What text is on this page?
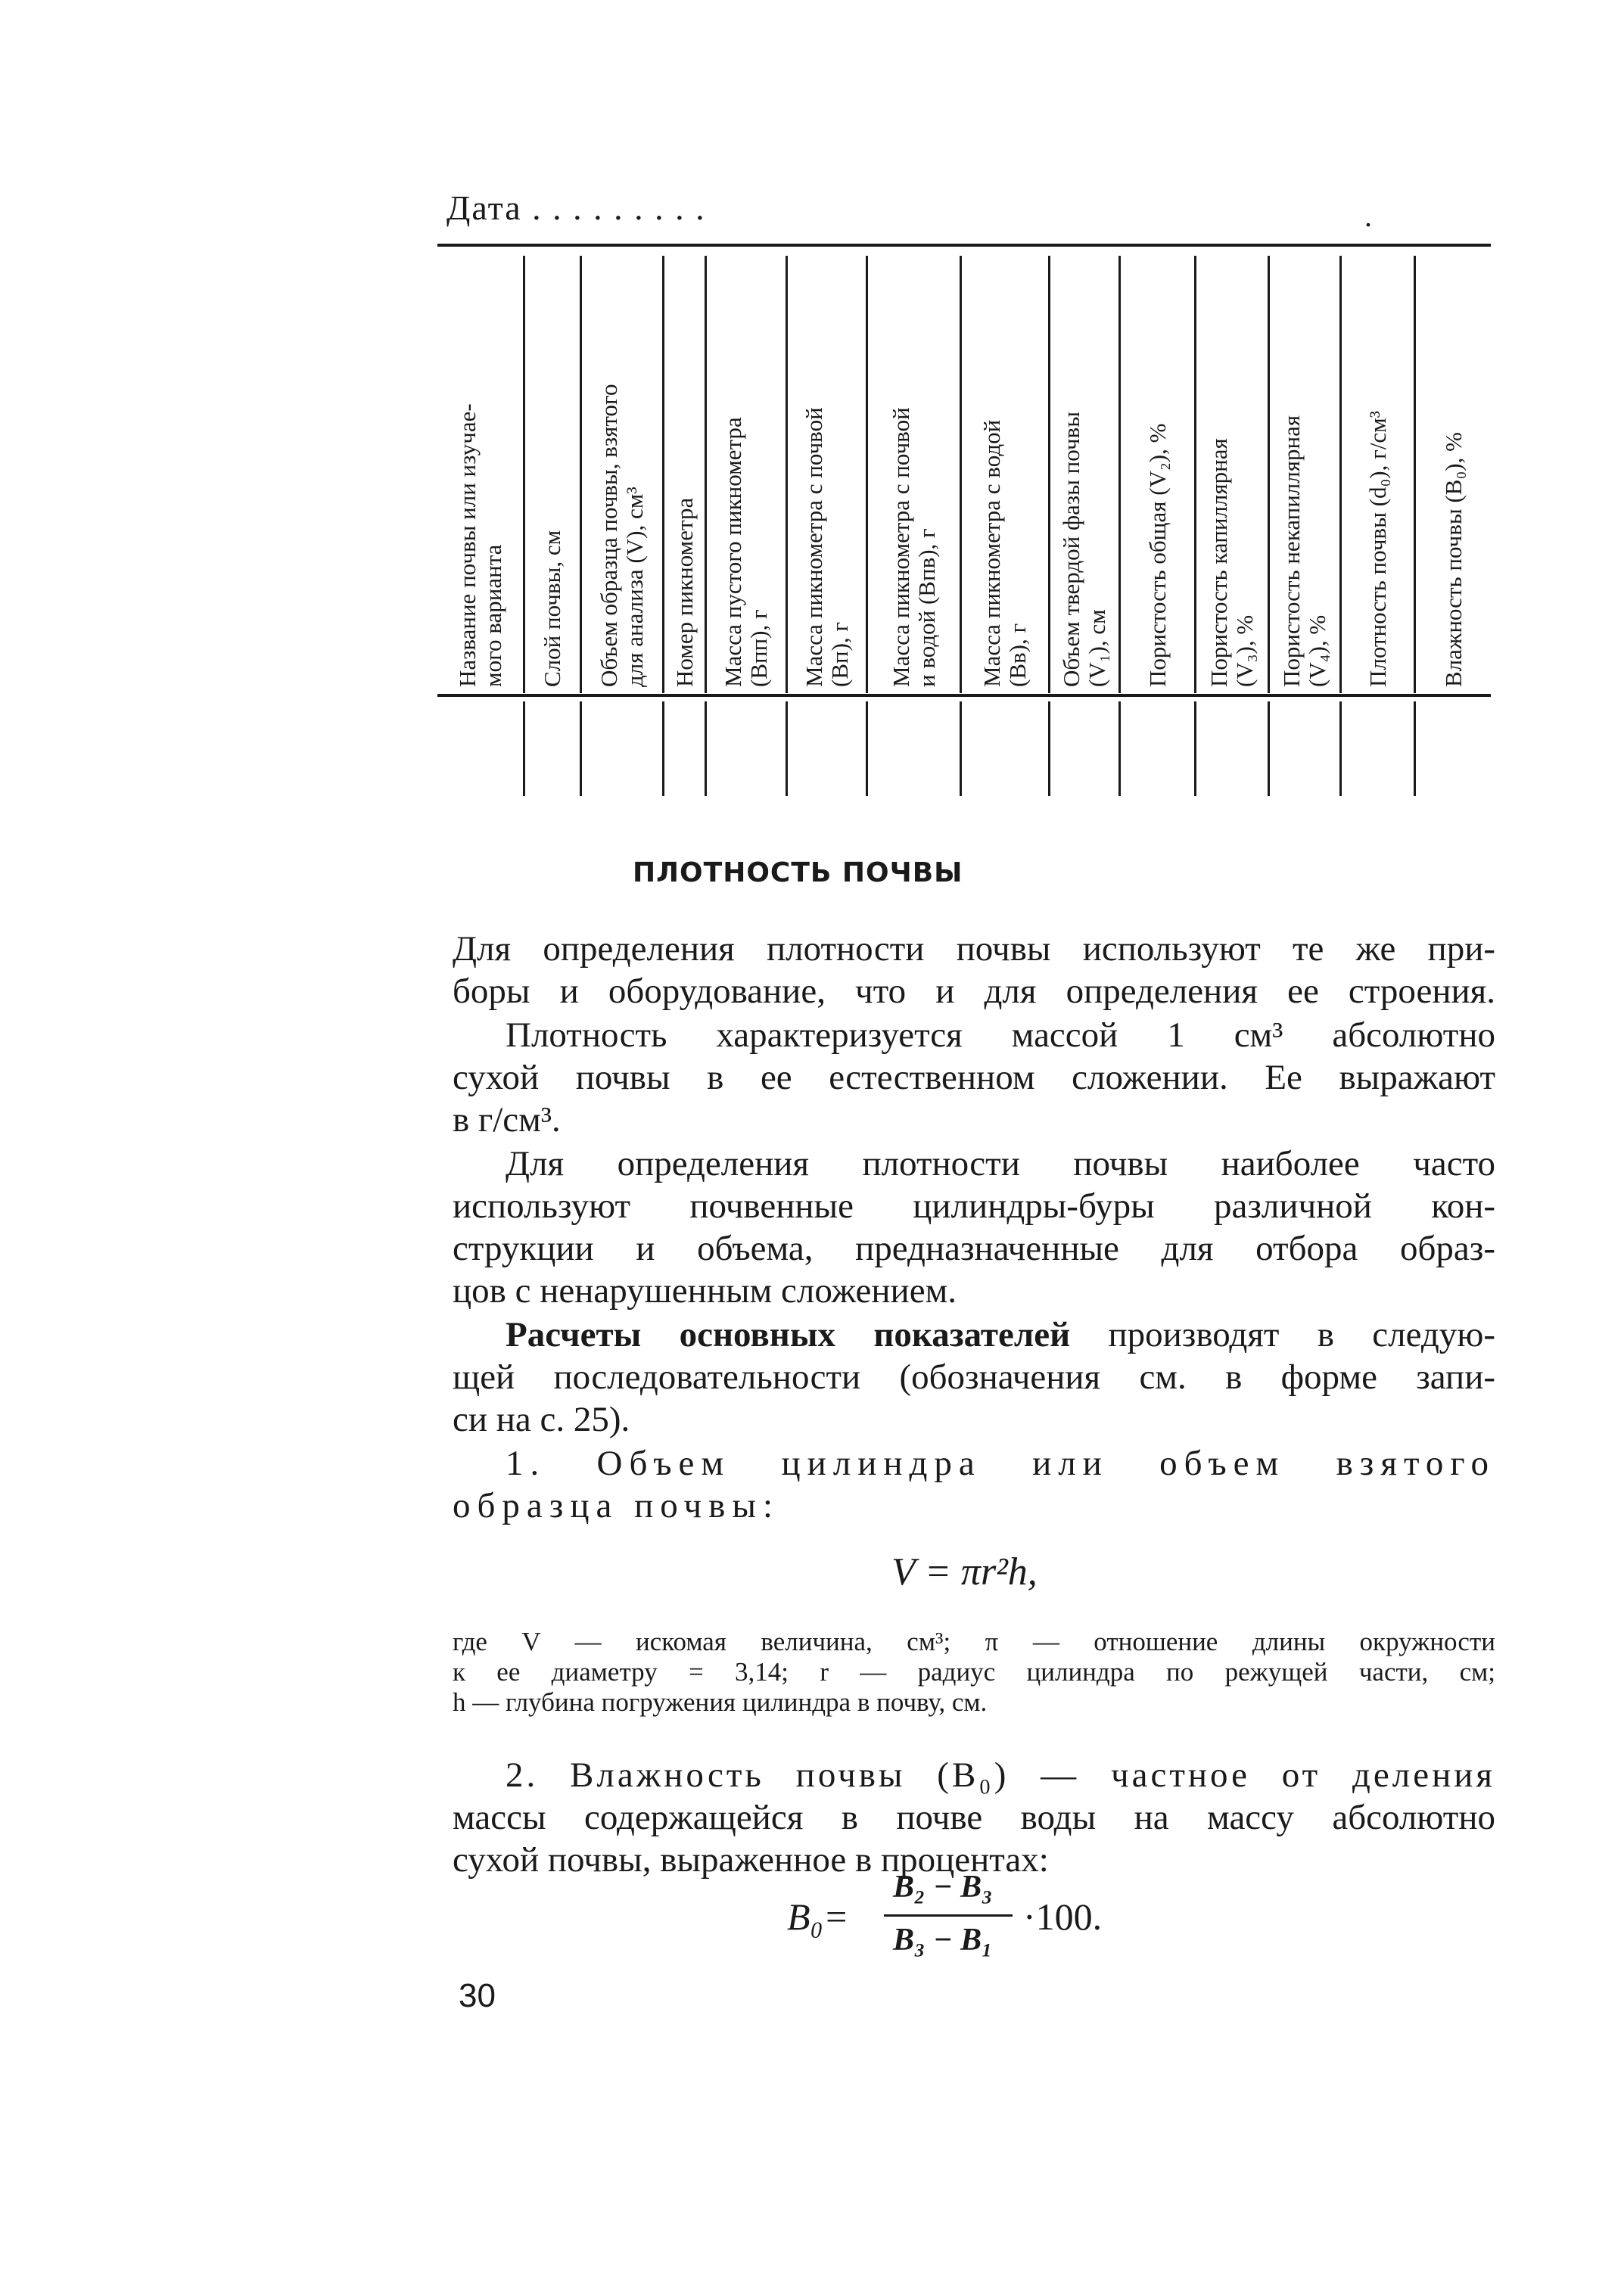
Дата . . . . . . . . .	.
Название почвы или изучае-
мого варианта Слой почвы, см Объем образца почвы, взятого
для анализа (V), см³ Номер пикнометра Масса пустого пикнометра
(Bпп), г
Масса пикнометра с почвой
(Bп), г Масса пикнометра с почвой
и водой (Bпв), г
Масса пикнометра с водой
(Bв), г Объем твердой фазы почвы
(V₁), см Пористость общая (V₂), % Пористость капиллярная
(V₃), % Пористость некапиллярная
(V₄), % Плотность почвы (d₀), г/см³ Влажность почвы (B₀), %
ПЛОТНОСТЬ ПОЧВЫ
Для определения плотности почвы используют те же при-
боры и оборудование, что и для определения ее строения.
Плотность характеризуется массой 1 см³ абсолютно
сухой почвы в ее естественном сложении. Ее выражают
в г/см³.
Для определения плотности почвы наиболее часто
используют почвенные цилиндры-буры различной кон-
струкции и объема, предназначенные для отбора образ-
цов с ненарушенным сложением.
Расчеты основных показателей производят в следую-
щей последовательности (обозначения см. в форме запи-
си на с. 25).
1. Объем цилиндра или объем взятого
образца почвы:
V = πr²h,
где V — искомая величина, см³; π — отношение длины окружности
к ее диаметру = 3,14; r — радиус цилиндра по режущей части, см;
h — глубина погружения цилиндра в почву, см.
2. Влажность почвы (B₀) — частное от деления
массы содержащейся в почве воды на массу абсолютно
сухой почвы, выраженное в процентах:
B₀=
B₂ − B₃
B₃ − B₁
·100.
30
